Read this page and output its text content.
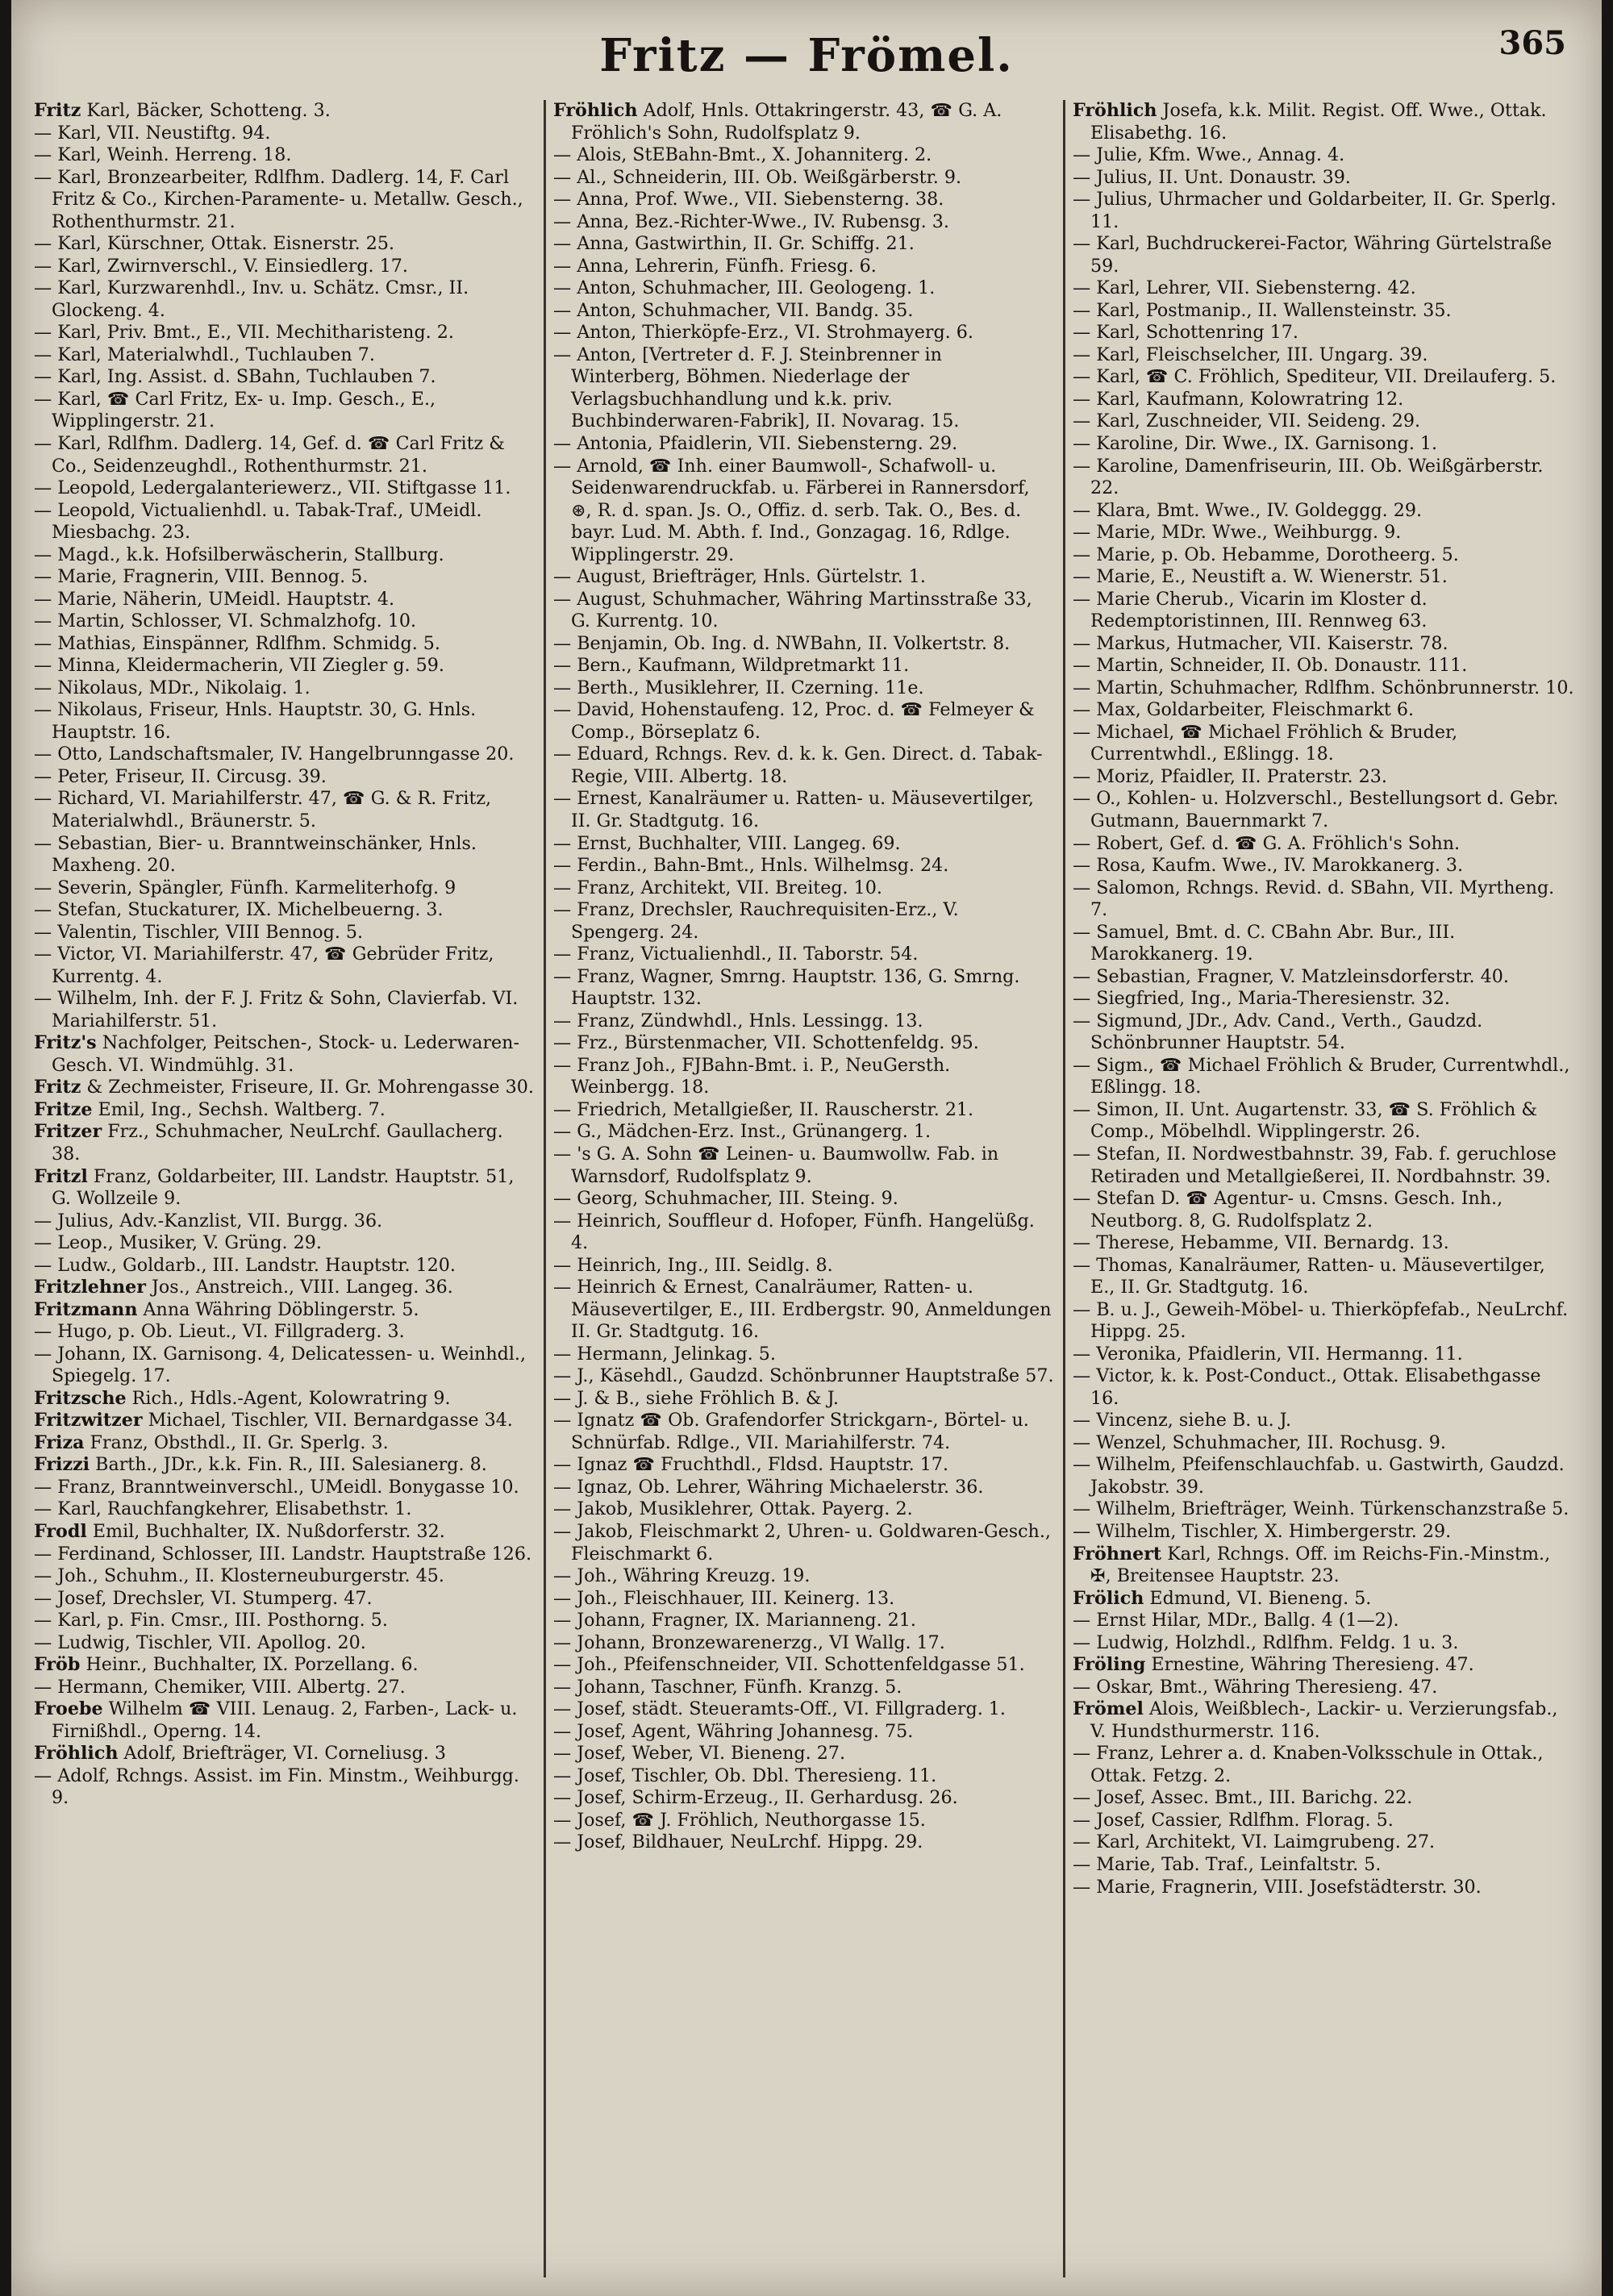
Fritz — Frömel.	365
Fritz Karl, Bäcker, Schotteng. 3.
— Karl, VII. Neustiftg. 94.
— Karl, Weinh. Herreng. 18.
— Karl, Bronzearbeiter, Rdlfhm. Dadlerg. 14, F. Carl Fritz & Co., Kirchen-Paramente- u. Metallw. Gesch., Rothenthurmstr. 21.
— Karl, Kürschner, Ottak. Eisnerstr. 25.
— Karl, Zwirnverschl., V. Einsiedlerg. 17.
— Karl, Kurzwarenhdl., Inv. u. Schätz. Cmsr., II. Glockeng. 4.
— Karl, Priv. Bmt., E., VII. Mechitharisteng. 2.
— Karl, Materialwhdl., Tuchlauben 7.
— Karl, Ing. Assist. d. SBahn, Tuchlauben 7.
— Karl, ☎ Carl Fritz, Ex- u. Imp. Gesch., E., Wipplingerstr. 21.
— Karl, Rdlfhm. Dadlerg. 14, Gef. d. ☎ Carl Fritz & Co., Seidenzeughdl., Rothenthurmstr. 21.
— Leopold, Ledergalanteriewerz., VII. Stiftgasse 11.
— Leopold, Victualienhdl. u. Tabak-Traf., UMeidl. Miesbachg. 23.
— Magd., k.k. Hofsilberwäscherin, Stallburg.
— Marie, Fragnerin, VIII. Bennog. 5.
— Marie, Näherin, UMeidl. Hauptstr. 4.
— Martin, Schlosser, VI. Schmalzhofg. 10.
— Mathias, Einspänner, Rdlfhm. Schmidg. 5.
— Minna, Kleidermacherin, VII Ziegler g. 59.
— Nikolaus, MDr., Nikolaig. 1.
— Nikolaus, Friseur, Hnls. Hauptstr. 30, G. Hnls. Hauptstr. 16.
— Otto, Landschaftsmaler, IV. Hangelbrunngasse 20.
— Peter, Friseur, II. Circusg. 39.
— Richard, VI. Mariahilferstr. 47, ☎ G. & R. Fritz, Materialwhdl., Bräunerstr. 5.
— Sebastian, Bier- u. Branntweinschänker, Hnls. Maxheng. 20.
— Severin, Spängler, Fünfh. Karmeliterhofg. 9
— Stefan, Stuckaturer, IX. Michelbeuerng. 3.
— Valentin, Tischler, VIII Bennog. 5.
— Victor, VI. Mariahilferstr. 47, ☎ Gebrüder Fritz, Kurrentg. 4.
— Wilhelm, Inh. der F. J. Fritz & Sohn, Clavierfab. VI. Mariahilferstr. 51.
Fritz's Nachfolger, Peitschen-, Stock- u. Lederwaren-Gesch. VI. Windmühlg. 31.
Fritz & Zechmeister, Friseure, II. Gr. Mohrengasse 30.
Fritze Emil, Ing., Sechsh. Waltberg. 7.
Fritzer Frz., Schuhmacher, NeuLrchf. Gaullacherg. 38.
Fritzl Franz, Goldarbeiter, III. Landstr. Hauptstr. 51, G. Wollzeile 9.
— Julius, Adv.-Kanzlist, VII. Burgg. 36.
— Leop., Musiker, V. Grüng. 29.
— Ludw., Goldarb., III. Landstr. Hauptstr. 120.
Fritzlehner Jos., Anstreich., VIII. Langeg. 36.
Fritzmann Anna Währing Döblingerstr. 5.
— Hugo, p. Ob. Lieut., VI. Fillgraderg. 3.
— Johann, IX. Garnisong. 4, Delicatessen- u. Weinhdl., Spiegelg. 17.
Fritzsche Rich., Hdls.-Agent, Kolowratring 9.
Fritzwitzer Michael, Tischler, VII. Bernardgasse 34.
Friza Franz, Obsthdl., II. Gr. Sperlg. 3.
Frizzi Barth., JDr., k.k. Fin. R., III. Salesianerg. 8.
— Franz, Branntweinverschl., UMeidl. Bonygasse 10.
— Karl, Rauchfangkehrer, Elisabethstr. 1.
Frodl Emil, Buchhalter, IX. Nußdorferstr. 32.
— Ferdinand, Schlosser, III. Landstr. Hauptstraße 126.
— Joh., Schuhm., II. Klosterneuburgerstr. 45.
— Josef, Drechsler, VI. Stumperg. 47.
— Karl, p. Fin. Cmsr., III. Posthorng. 5.
— Ludwig, Tischler, VII. Apollog. 20.
Fröb Heinr., Buchhalter, IX. Porzellang. 6.
— Hermann, Chemiker, VIII. Albertg. 27.
Froebe Wilhelm ☎ VIII. Lenaug. 2, Farben-, Lack- u. Firnißhdl., Operng. 14.
Fröhlich Adolf, Briefträger, VI. Corneliusg. 3
— Adolf, Rchngs. Assist. im Fin. Minstm., Weihburgg. 9.
Fröhlich Adolf, Hnls. Ottakringerstr. 43, ☎ G. A. Fröhlich's Sohn, Rudolfsplatz 9.
— Alois, StEBahn-Bmt., X. Johanniterg. 2.
— Al., Schneiderin, III. Ob. Weißgärberstr. 9.
— Anna, Prof. Wwe., VII. Siebensterng. 38.
— Anna, Bez.-Richter-Wwe., IV. Rubensg. 3.
— Anna, Gastwirthin, II. Gr. Schiffg. 21.
— Anna, Lehrerin, Fünfh. Friesg. 6.
— Anton, Schuhmacher, III. Geologeng. 1.
— Anton, Schuhmacher, VII. Bandg. 35.
— Anton, Thierköpfe-Erz., VI. Strohmayerg. 6.
— Anton, [Vertreter d. F. J. Steinbrenner in Winterberg, Böhmen. Niederlage der Verlagsbuchhandlung und k.k. priv. Buchbinderwaren-Fabrik], II. Novarag. 15.
— Antonia, Pfaidlerin, VII. Siebensterng. 29.
— Arnold, ☎ Inh. einer Baumwoll-, Schafwoll- u. Seidenwarendruckfab. u. Färberei in Rannersdorf, ⊛, R. d. span. Js. O., Offiz. d. serb. Tak. O., Bes. d. bayr. Lud. M. Abth. f. Ind., Gonzagag. 16, Rdlge. Wipplingerstr. 29.
— August, Briefträger, Hnls. Gürtelstr. 1.
— August, Schuhmacher, Währing Martinsstraße 33, G. Kurrentg. 10.
— Benjamin, Ob. Ing. d. NWBahn, II. Volkertstr. 8.
— Bern., Kaufmann, Wildpretmarkt 11.
— Berth., Musiklehrer, II. Czerning. 11e.
— David, Hohenstaufeng. 12, Proc. d. ☎ Felmeyer & Comp., Börseplatz 6.
— Eduard, Rchngs. Rev. d. k. k. Gen. Direct. d. Tabak-Regie, VIII. Albertg. 18.
— Ernest, Kanalräumer u. Ratten- u. Mäusevertilger, II. Gr. Stadtgutg. 16.
— Ernst, Buchhalter, VIII. Langeg. 69.
— Ferdin., Bahn-Bmt., Hnls. Wilhelmsg. 24.
— Franz, Architekt, VII. Breiteg. 10.
— Franz, Drechsler, Rauchrequisiten-Erz., V. Spengerg. 24.
— Franz, Victualienhdl., II. Taborstr. 54.
— Franz, Wagner, Smrng. Hauptstr. 136, G. Smrng. Hauptstr. 132.
— Franz, Zündwhdl., Hnls. Lessingg. 13.
— Frz., Bürstenmacher, VII. Schottenfeldg. 95.
— Franz Joh., FJBahn-Bmt. i. P., NeuGersth. Weinbergg. 18.
— Friedrich, Metallgießer, II. Rauscherstr. 21.
— G., Mädchen-Erz. Inst., Grünangerg. 1.
— 's G. A. Sohn ☎ Leinen- u. Baumwollw. Fab. in Warnsdorf, Rudolfsplatz 9.
— Georg, Schuhmacher, III. Steing. 9.
— Heinrich, Souffleur d. Hofoper, Fünfh. Hangelüßg. 4.
— Heinrich, Ing., III. Seidlg. 8.
— Heinrich & Ernest, Canalräumer, Ratten- u. Mäusevertilger, E., III. Erdbergstr. 90, Anmeldungen II. Gr. Stadtgutg. 16.
— Hermann, Jelinkag. 5.
— J., Käsehdl., Gaudzd. Schönbrunner Hauptstraße 57.
— J. & B., siehe Fröhlich B. & J.
— Ignatz ☎ Ob. Grafendorfer Strickgarn-, Börtel- u. Schnürfab. Rdlge., VII. Mariahilferstr. 74.
— Ignaz ☎ Fruchthdl., Fldsd. Hauptstr. 17.
— Ignaz, Ob. Lehrer, Währing Michaelerstr. 36.
— Jakob, Musiklehrer, Ottak. Payerg. 2.
— Jakob, Fleischmarkt 2, Uhren- u. Goldwaren-Gesch., Fleischmarkt 6.
— Joh., Währing Kreuzg. 19.
— Joh., Fleischhauer, III. Keinerg. 13.
— Johann, Fragner, IX. Marianneng. 21.
— Johann, Bronzewarenerzg., VI Wallg. 17.
— Joh., Pfeifenschneider, VII. Schottenfeldgasse 51.
— Johann, Taschner, Fünfh. Kranzg. 5.
— Josef, städt. Steueramts-Off., VI. Fillgraderg. 1.
— Josef, Agent, Währing Johannesg. 75.
— Josef, Weber, VI. Bieneng. 27.
— Josef, Tischler, Ob. Dbl. Theresieng. 11.
— Josef, Schirm-Erzeug., II. Gerhardusg. 26.
— Josef, ☎ J. Fröhlich, Neuthorgasse 15.
— Josef, Bildhauer, NeuLrchf. Hippg. 29.
Fröhlich Josefa, k.k. Milit. Regist. Off. Wwe., Ottak. Elisabethg. 16.
— Julie, Kfm. Wwe., Annag. 4.
— Julius, II. Unt. Donaustr. 39.
— Julius, Uhrmacher und Goldarbeiter, II. Gr. Sperlg. 11.
— Karl, Buchdruckerei-Factor, Währing Gürtelstraße 59.
— Karl, Lehrer, VII. Siebensterng. 42.
— Karl, Postmanip., II. Wallensteinstr. 35.
— Karl, Schottenring 17.
— Karl, Fleischselcher, III. Ungarg. 39.
— Karl, ☎ C. Fröhlich, Spediteur, VII. Dreilauferg. 5.
— Karl, Kaufmann, Kolowratring 12.
— Karl, Zuschneider, VII. Seideng. 29.
— Karoline, Dir. Wwe., IX. Garnisong. 1.
— Karoline, Damenfriseurin, III. Ob. Weißgärberstr. 22.
— Klara, Bmt. Wwe., IV. Goldeggg. 29.
— Marie, MDr. Wwe., Weihburgg. 9.
— Marie, p. Ob. Hebamme, Dorotheerg. 5.
— Marie, E., Neustift a. W. Wienerstr. 51.
— Marie Cherub., Vicarin im Kloster d. Redemptoristinnen, III. Rennweg 63.
— Markus, Hutmacher, VII. Kaiserstr. 78.
— Martin, Schneider, II. Ob. Donaustr. 111.
— Martin, Schuhmacher, Rdlfhm. Schönbrunnerstr. 10.
— Max, Goldarbeiter, Fleischmarkt 6.
— Michael, ☎ Michael Fröhlich & Bruder, Currentwhdl., Eßlingg. 18.
— Moriz, Pfaidler, II. Praterstr. 23.
— O., Kohlen- u. Holzverschl., Bestellungsort d. Gebr. Gutmann, Bauernmarkt 7.
— Robert, Gef. d. ☎ G. A. Fröhlich's Sohn.
— Rosa, Kaufm. Wwe., IV. Marokkanerg. 3.
— Salomon, Rchngs. Revid. d. SBahn, VII. Myrtheng. 7.
— Samuel, Bmt. d. C. CBahn Abr. Bur., III. Marokkanerg. 19.
— Sebastian, Fragner, V. Matzleinsdorferstr. 40.
— Siegfried, Ing., Maria-Theresienstr. 32.
— Sigmund, JDr., Adv. Cand., Verth., Gaudzd. Schönbrunner Hauptstr. 54.
— Sigm., ☎ Michael Fröhlich & Bruder, Currentwhdl., Eßlingg. 18.
— Simon, II. Unt. Augartenstr. 33, ☎ S. Fröhlich & Comp., Möbelhdl. Wipplingerstr. 26.
— Stefan, II. Nordwestbahnstr. 39, Fab. f. geruchlose Retiraden und Metallgießerei, II. Nordbahnstr. 39.
— Stefan D. ☎ Agentur- u. Cmsns. Gesch. Inh., Neutborg. 8, G. Rudolfsplatz 2.
— Therese, Hebamme, VII. Bernardg. 13.
— Thomas, Kanalräumer, Ratten- u. Mäusevertilger, E., II. Gr. Stadtgutg. 16.
— B. u. J., Geweih-Möbel- u. Thierköpfefab., NeuLrchf. Hippg. 25.
— Veronika, Pfaidlerin, VII. Hermanng. 11.
— Victor, k. k. Post-Conduct., Ottak. Elisabethgasse 16.
— Vincenz, siehe B. u. J.
— Wenzel, Schuhmacher, III. Rochusg. 9.
— Wilhelm, Pfeifenschlauchfab. u. Gastwirth, Gaudzd. Jakobstr. 39.
— Wilhelm, Briefträger, Weinh. Türkenschanzstraße 5.
— Wilhelm, Tischler, X. Himbergerstr. 29.
Fröhnert Karl, Rchngs. Off. im Reichs-Fin.-Minstm., ✠, Breitensee Hauptstr. 23.
Frölich Edmund, VI. Bieneng. 5.
— Ernst Hilar, MDr., Ballg. 4 (1—2).
— Ludwig, Holzhdl., Rdlfhm. Feldg. 1 u. 3.
Fröling Ernestine, Währing Theresieng. 47.
— Oskar, Bmt., Währing Theresieng. 47.
Frömel Alois, Weißblech-, Lackir- u. Verzierungsfab., V. Hundsthurmerstr. 116.
— Franz, Lehrer a. d. Knaben-Volksschule in Ottak., Ottak. Fetzg. 2.
— Josef, Assec. Bmt., III. Barichg. 22.
— Josef, Cassier, Rdlfhm. Florag. 5.
— Karl, Architekt, VI. Laimgrubeng. 27.
— Marie, Tab. Traf., Leinfaltstr. 5.
— Marie, Fragnerin, VIII. Josefstädterstr. 30.
